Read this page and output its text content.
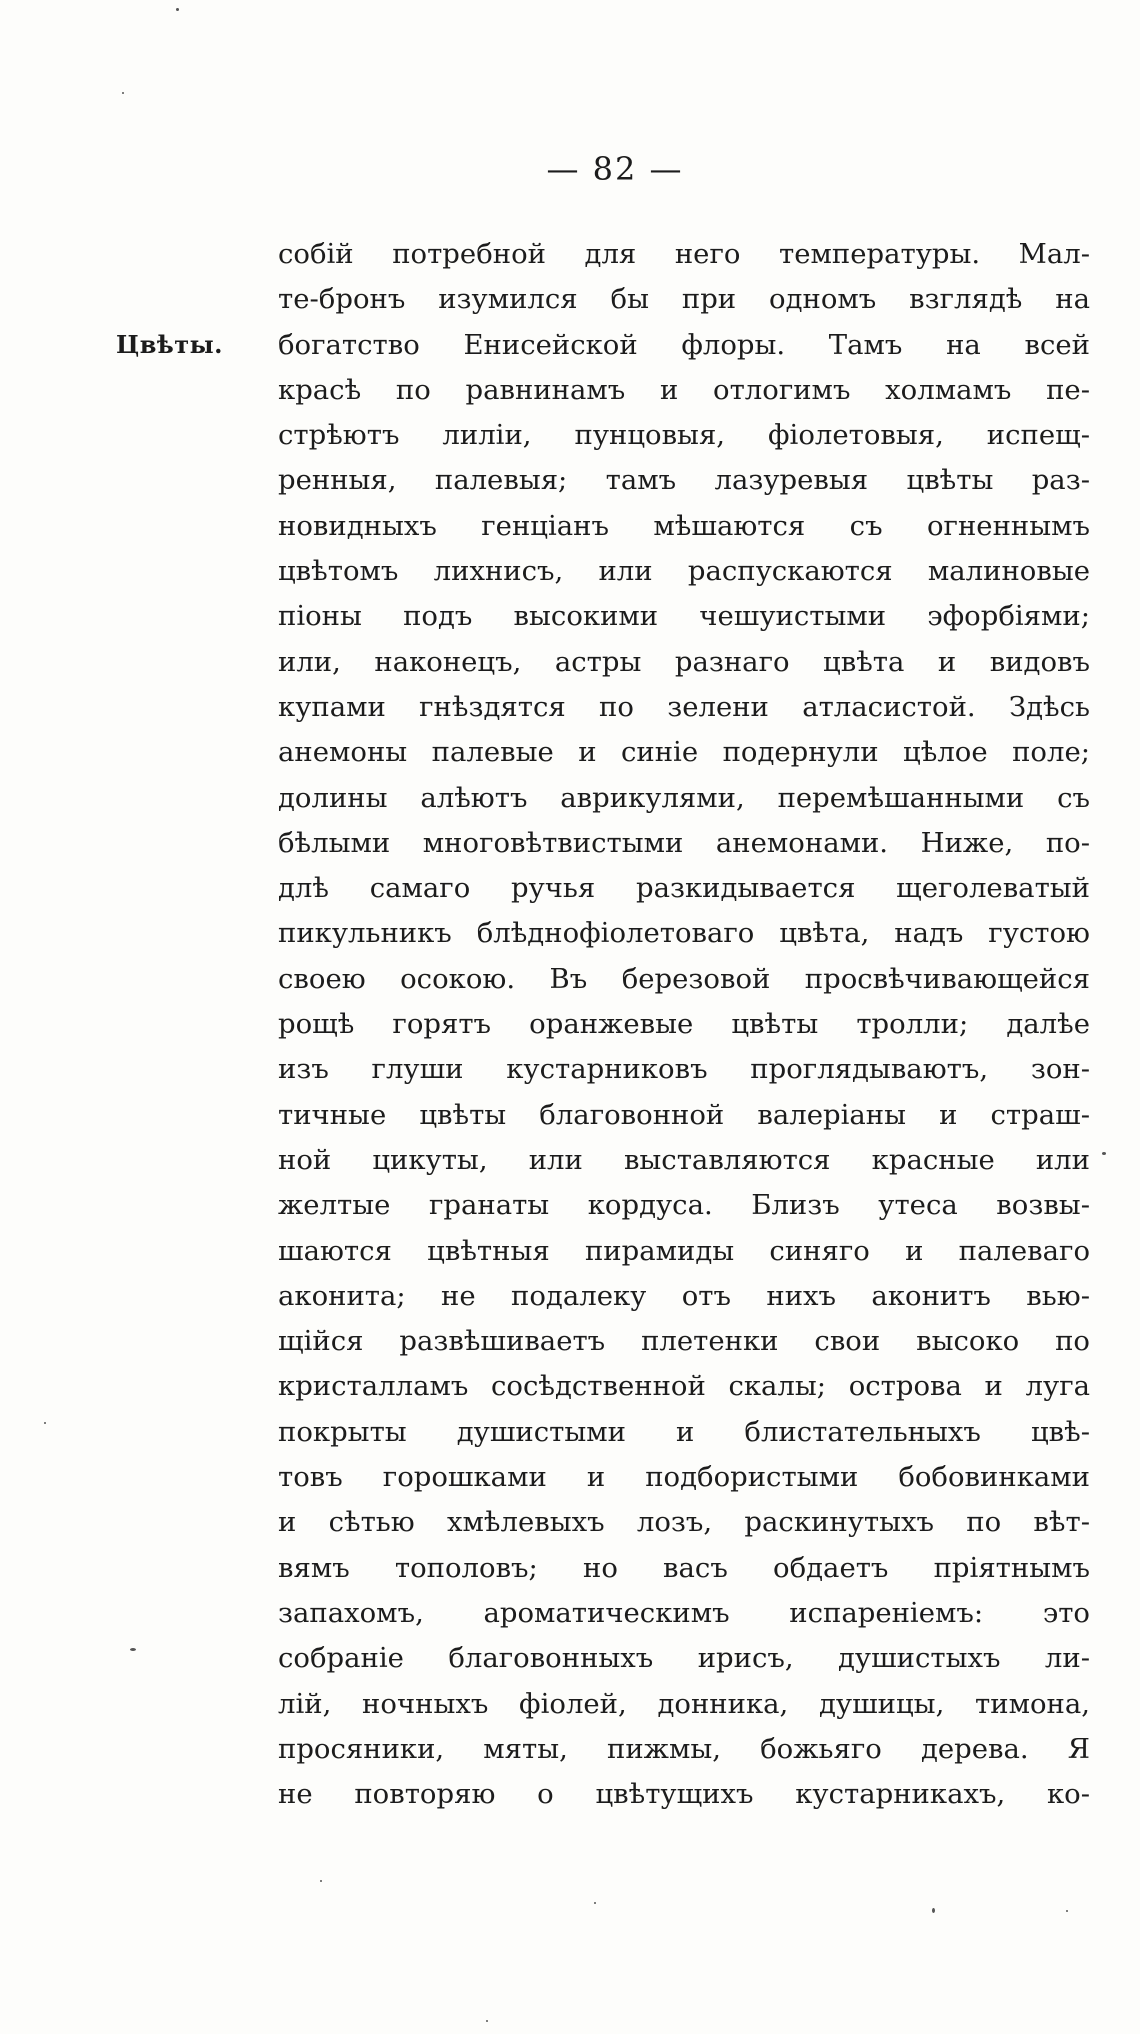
— 82 —
Цвѣты.
собій потребной для него температуры. Мал-
те-бронъ изумился бы при одномъ взглядѣ на
богатство Енисейской флоры. Тамъ на всей
красѣ по равнинамъ и отлогимъ холмамъ пе-
стрѣютъ лиліи, пунцовыя, фіолетовыя, испещ-
ренныя, палевыя; тамъ лазуревыя цвѣты раз-
новидныхъ генціанъ мѣшаются съ огненнымъ
цвѣтомъ лихнисъ, или распускаются малиновые
піоны подъ высокими чешуистыми эфорбіями;
или, наконецъ, астры разнаго цвѣта и видовъ
купами гнѣздятся по зелени атласистой. Здѣсь
анемоны палевые и синіе подернули цѣлое поле;
долины алѣютъ аврикулями, перемѣшанными съ
бѣлыми многовѣтвистыми анемонами. Ниже, по-
длѣ самаго ручья разкидывается щеголеватый
пикульникъ блѣднофіолетоваго цвѣта, надъ густою
своею осокою. Въ березовой просвѣчивающейся
рощѣ горятъ оранжевые цвѣты тролли; далѣе
изъ глуши кустарниковъ проглядываютъ, зон-
тичные цвѣты благовонной валеріаны и страш-
ной цикуты, или выставляются красные или
желтые гранаты кордуса. Близъ утеса возвы-
шаются цвѣтныя пирамиды синяго и палеваго
аконита; не подалеку отъ нихъ аконитъ вью-
щійся развѣшиваетъ плетенки свои высоко по
кристалламъ сосѣдственной скалы; острова и луга
покрыты душистыми и блистательныхъ цвѣ-
товъ горошками и подбористыми бобовинками
и сѣтью хмѣлевыхъ лозъ, раскинутыхъ по вѣт-
вямъ тополовъ; но васъ обдаетъ пріятнымъ
запахомъ, ароматическимъ испареніемъ: это
собраніе благовонныхъ ирисъ, душистыхъ ли-
лій, ночныхъ фіолей, донника, душицы, тимона,
просяники, мяты, пижмы, божьяго дерева. Я
не повторяю о цвѣтущихъ кустарникахъ, ко-
